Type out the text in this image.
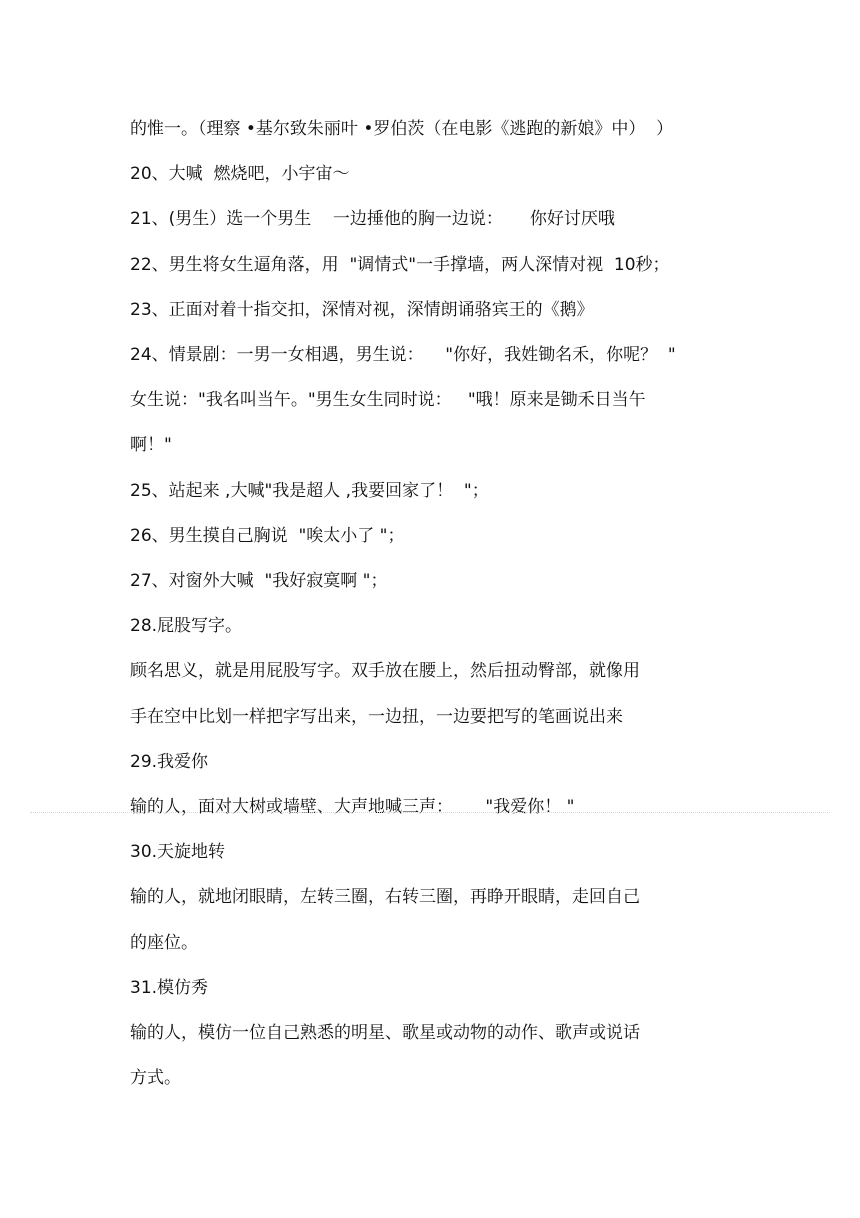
的惟一。（理察 •基尔致朱丽叶 •罗伯茨（在电影《逃跑的新娘》中）  ）
20、大喊  燃烧吧，小宇宙～
21、(男生）选一个男生    一边捶他的胸一边说：     你好讨厌哦
22、男生将女生逼角落，用  "调情式"一手撑墙，两人深情对视  10秒；
23、正面对着十指交扣，深情对视，深情朗诵骆宾王的《鹅》
24、情景剧：一男一女相遇，男生说：    "你好，我姓锄名禾，你呢？  "
女生说："我名叫当午。"男生女生同时说：   "哦！原来是锄禾日当午
啊！"
25、站起来 ,大喊"我是超人 ,我要回家了！  "；
26、男生摸自己胸说  "唉太小了 "；
27、对窗外大喊  "我好寂寞啊 "；
28.屁股写字。
顾名思义，就是用屁股写字。双手放在腰上，然后扭动臀部，就像用
手在空中比划一样把字写出来，一边扭，一边要把写的笔画说出来
29.我爱你
输的人，面对大树或墙壁、大声地喊三声：      "我爱你！ "
30.天旋地转
输的人，就地闭眼睛，左转三圈，右转三圈，再睁开眼睛，走回自己
的座位。
31.模仿秀
输的人，模仿一位自己熟悉的明星、歌星或动物的动作、歌声或说话
方式。
